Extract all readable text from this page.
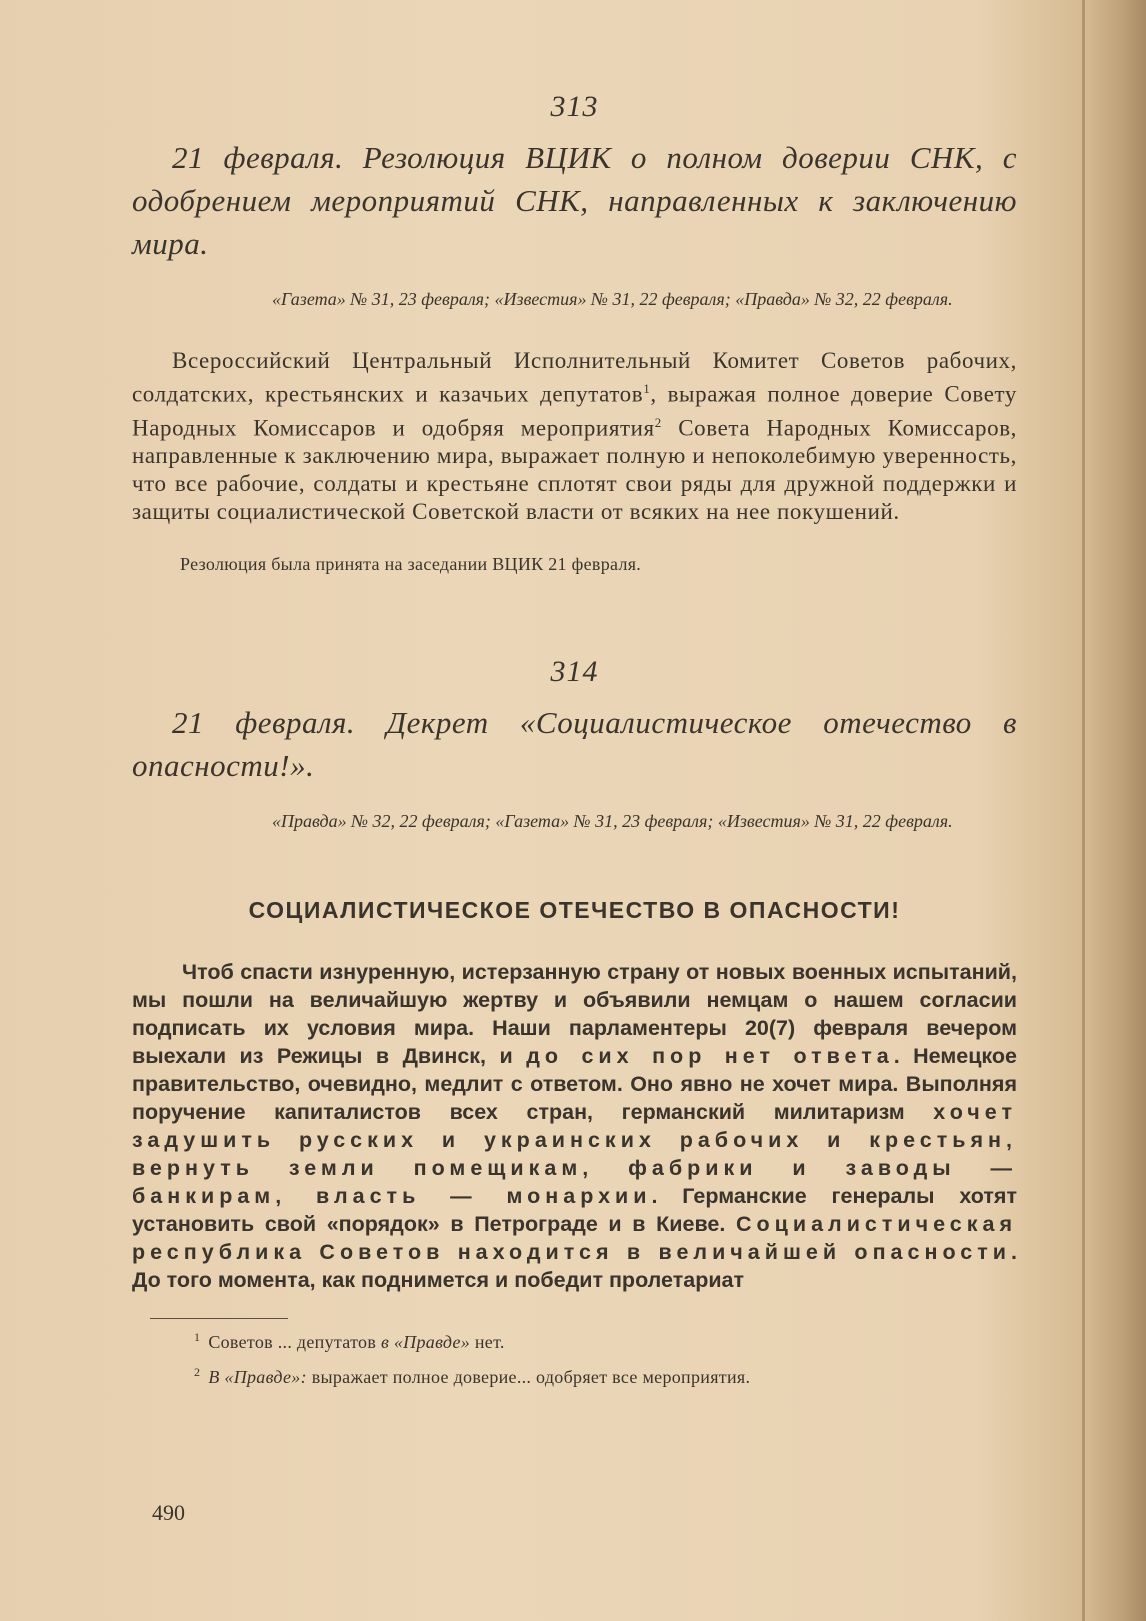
313

21 февраля. Резолюция ВЦИК о полном доверии СНК, с одобрением мероприятий СНК, направленных к заключению мира.

«Газета» № 31, 23 февраля; «Известия» № 31, 22 февраля; «Правда» № 32, 22 февраля.

Всероссийский Центральный Исполнительный Комитет Советов рабочих, солдатских, крестьянских и казачьих депутатов$^1$, выражая полное доверие Совету Народных Комиссаров и одобряя мероприятия$^2$ Совета Народных Комиссаров, направленные к заключению мира, выражает полную и непоколебимую уверенность, что все рабочие, солдаты и крестьяне сплотят свои ряды для дружной поддержки и защиты социалистической Советской власти от всяких на нее покушений.

Резолюция была принята на заседании ВЦИК 21 февраля.

314

21 февраля. Декрет «Социалистическое отечество в опасности!».

«Правда» № 32, 22 февраля; «Газета» № 31, 23 февраля; «Известия» № 31, 22 февраля.

СОЦИАЛИСТИЧЕСКОЕ ОТЕЧЕСТВО В ОПАСНОСТИ!

Чтоб спасти изнуренную, истерзанную страну от новых военных испытаний, мы пошли на величайшую жертву и объявили немцам о нашем согласии подписать их условия мира. Наши парламентеры 20(7) февраля вечером выехали из Режицы в Двинск, и до сих пор нет ответа. Немецкое правительство, очевидно, медлит с ответом. Оно явно не хочет мира. Выполняя поручение капиталистов всех стран, германский милитаризм хочет задушить русских и украинских рабочих и крестьян, вернуть земли помещикам, фабрики и заводы — банкирам, власть — монархии. Германские генералы хотят установить свой «порядок» в Петрограде и в Киеве. Социалистическая республика Советов находится в величайшей опасности. До того момента, как поднимется и победит пролетариат

$^1$ Советов ... депутатов в «Правде» нет.
$^2$ В «Правде»: выражает полное доверие... одобряет все мероприятия.
490
